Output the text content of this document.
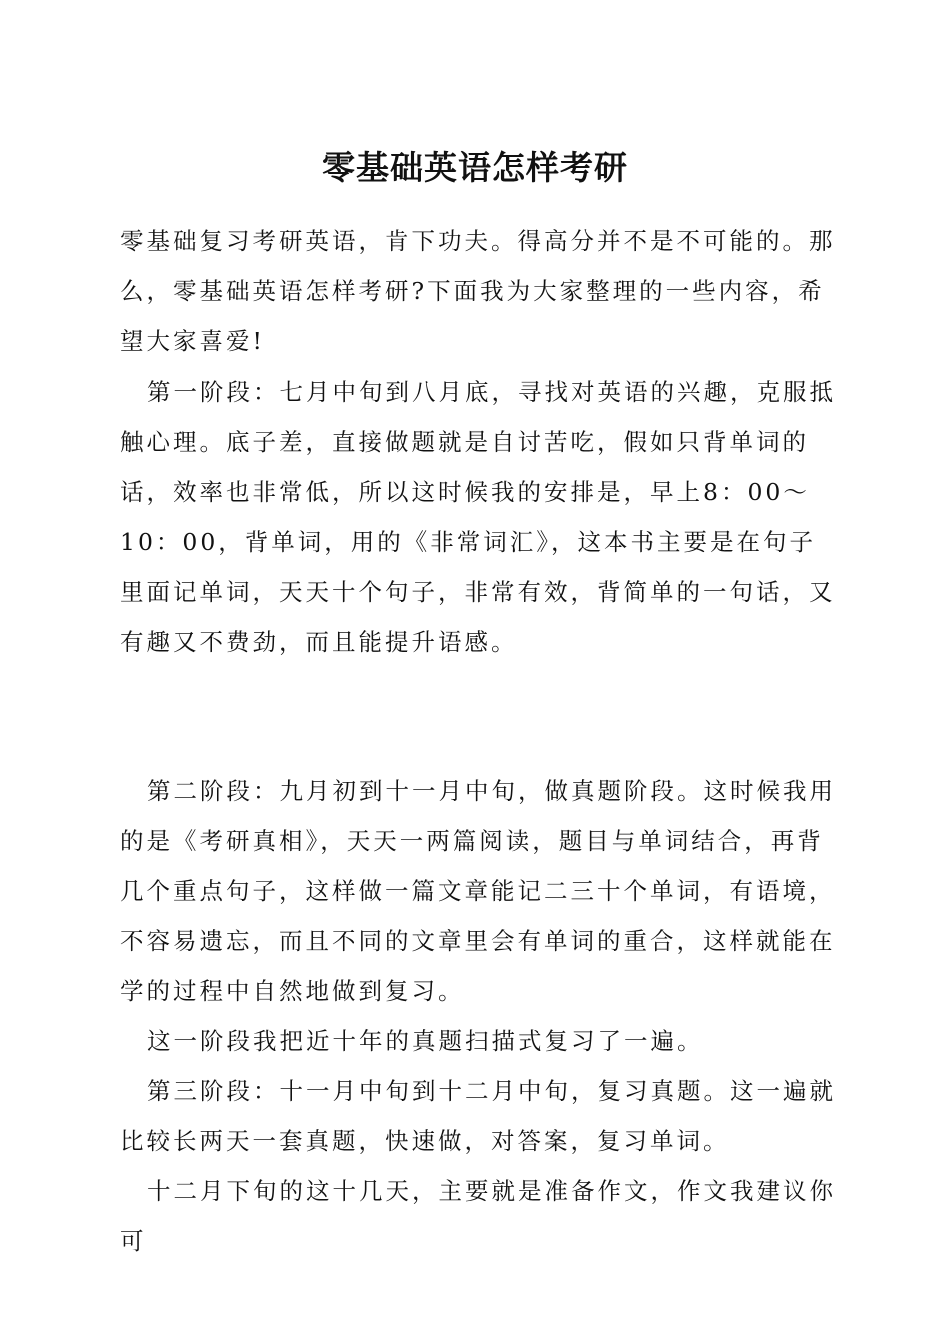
零基础英语怎样考研

零基础复习考研英语，肯下功夫。得高分并不是不可能的。那么，零基础英语怎样考研?下面我为大家整理的一些内容，希望大家喜爱!

第一阶段：七月中旬到八月底，寻找对英语的兴趣，克服抵触心理。底子差，直接做题就是自讨苦吃，假如只背单词的话，效率也非常低，所以这时候我的安排是，早上8：00～10：00，背单词，用的《非常词汇》，这本书主要是在句子里面记单词，天天十个句子，非常有效，背简单的一句话，又有趣又不费劲，而且能提升语感。

第二阶段：九月初到十一月中旬，做真题阶段。这时候我用的是《考研真相》，天天一两篇阅读，题目与单词结合，再背几个重点句子，这样做一篇文章能记二三十个单词，有语境，不容易遗忘，而且不同的文章里会有单词的重合，这样就能在学的过程中自然地做到复习。

这一阶段我把近十年的真题扫描式复习了一遍。

第三阶段：十一月中旬到十二月中旬，复习真题。这一遍就比较长两天一套真题，快速做，对答案，复习单词。

十二月下旬的这十几天，主要就是准备作文，作文我建议你可
